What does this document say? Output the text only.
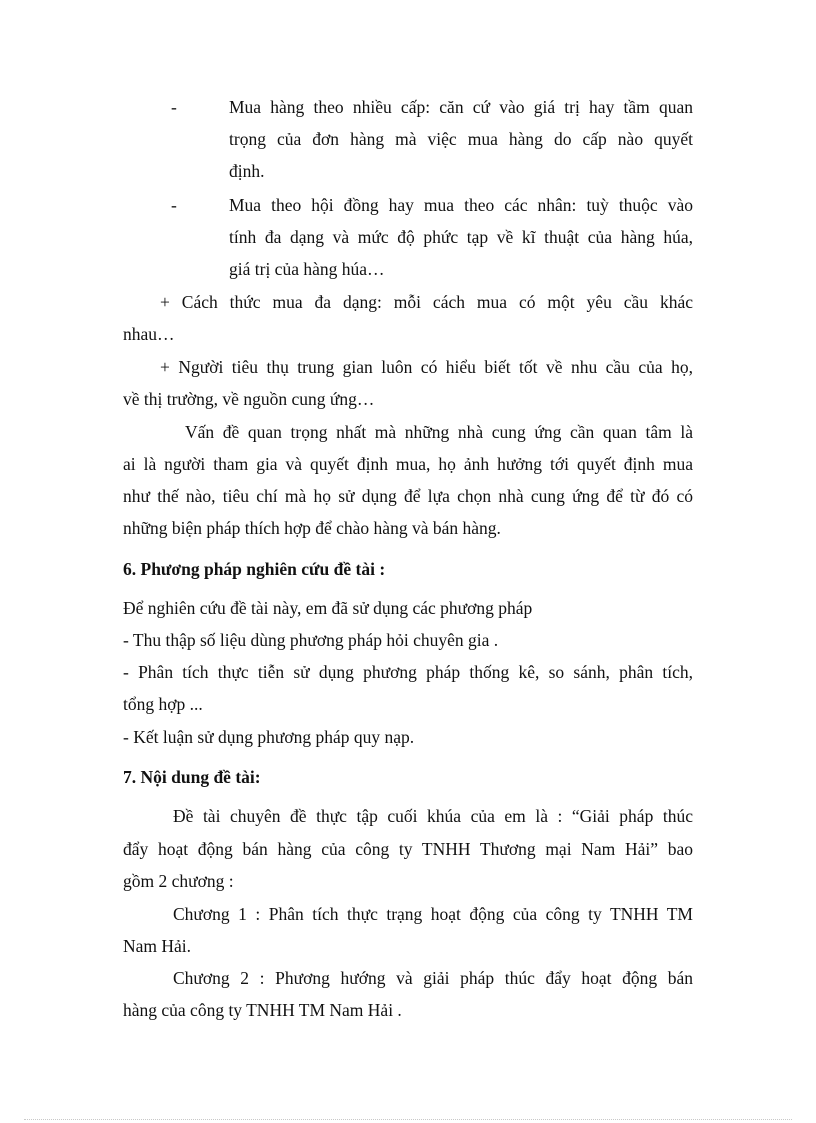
-	Mua hàng theo nhiều cấp: căn cứ vào giá trị hay tầm quan
trọng của đơn hàng mà việc mua hàng do cấp nào quyết
định.
-	Mua theo hội đồng hay mua theo các nhân: tuỳ thuộc vào
tính đa dạng và mức độ phức tạp về kĩ thuật của hàng húa,
giá trị của hàng húa…
+ Cách thức mua đa dạng: mỗi cách mua có một yêu cầu khác
nhau…
+ Người tiêu thụ trung gian luôn có hiểu biết tốt về nhu cầu của họ,
về thị trường, về nguồn cung ứng…
Vấn đề quan trọng nhất mà những nhà cung ứng cần quan tâm là
ai là người tham gia và quyết định mua, họ ảnh hưởng tới quyết định mua
như thế nào, tiêu chí mà họ sử dụng để lựa chọn nhà cung ứng để từ đó có
những biện pháp thích hợp để chào hàng và bán hàng.
6. Phương pháp nghiên cứu đề tài :
Để nghiên cứu đề tài này, em đã sử dụng các phương pháp
- Thu thập số liệu dùng phương pháp hỏi chuyên gia .
- Phân tích thực tiễn sử dụng phương pháp thống kê, so sánh, phân tích,
tổng hợp ...
- Kết luận sử dụng phương pháp quy nạp.
7. Nội dung đề tài:
Đề tài chuyên đề thực tập cuối khúa của em là : “Giải pháp thúc
đẩy hoạt động bán hàng của công ty TNHH Thương mại Nam Hải” bao
gồm 2 chương :
Chương 1 : Phân tích thực trạng hoạt động của công ty TNHH TM
Nam Hải.
Chương 2 : Phương hướng và giải pháp thúc đẩy hoạt động bán
hàng của công ty TNHH TM Nam Hải .
